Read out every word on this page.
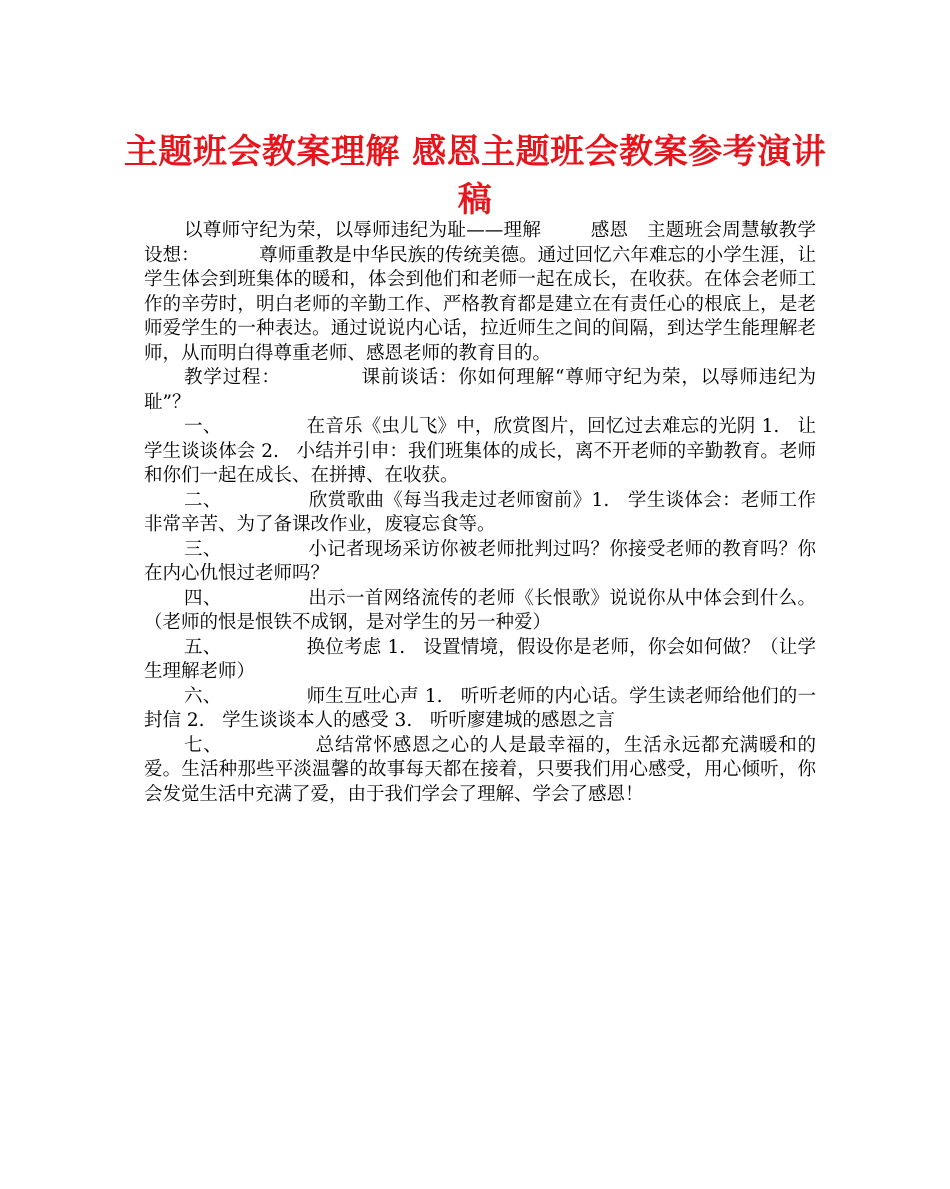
主题班会教案理解 感恩主题班会教案参考演讲稿

以尊师守纪为荣，以辱师违纪为耻——理解        感恩   主题班会周慧敏教学设想：          尊师重教是中华民族的传统美德。通过回忆六年难忘的小学生涯，让学生体会到班集体的暖和，体会到他们和老师一起在成长，在收获。在体会老师工作的辛劳时，明白老师的辛勤工作、严格教育都是建立在有责任心的根底上，是老师爱学生的一种表达。通过说说内心话，拉近师生之间的间隔，到达学生能理解老师，从而明白得尊重老师、感恩老师的教育目的。

教学过程：            课前谈话：你如何理解“尊师守纪为荣，以辱师违纪为耻”？

一、              在音乐《虫儿飞》中，欣赏图片，回忆过去难忘的光阴 1.   让学生谈谈体会 2.   小结并引申：我们班集体的成长，离不开老师的辛勤教育。老师和你们一起在成长、在拼搏、在收获。

二、              欣赏歌曲《每当我走过老师窗前》1.   学生谈体会：老师工作非常辛苦、为了备课改作业，废寝忘食等。

三、              小记者现场采访你被老师批判过吗？你接受老师的教育吗？你在内心仇恨过老师吗？

四、              出示一首网络流传的老师《长恨歌》说说你从中体会到什么。（老师的恨是恨铁不成钢，是对学生的另一种爱）

五、              换位考虑 1.   设置情境，假设你是老师，你会如何做？（让学生理解老师）

六、              师生互吐心声 1.   听听老师的内心话。学生读老师给他们的一封信 2.   学生谈谈本人的感受 3.   听听廖建城的感恩之言

七、              总结常怀感恩之心的人是最幸福的，生活永远都充满暖和的爱。生活种那些平淡温馨的故事每天都在接着，只要我们用心感受，用心倾听，你会发觉生活中充满了爱，由于我们学会了理解、学会了感恩！
